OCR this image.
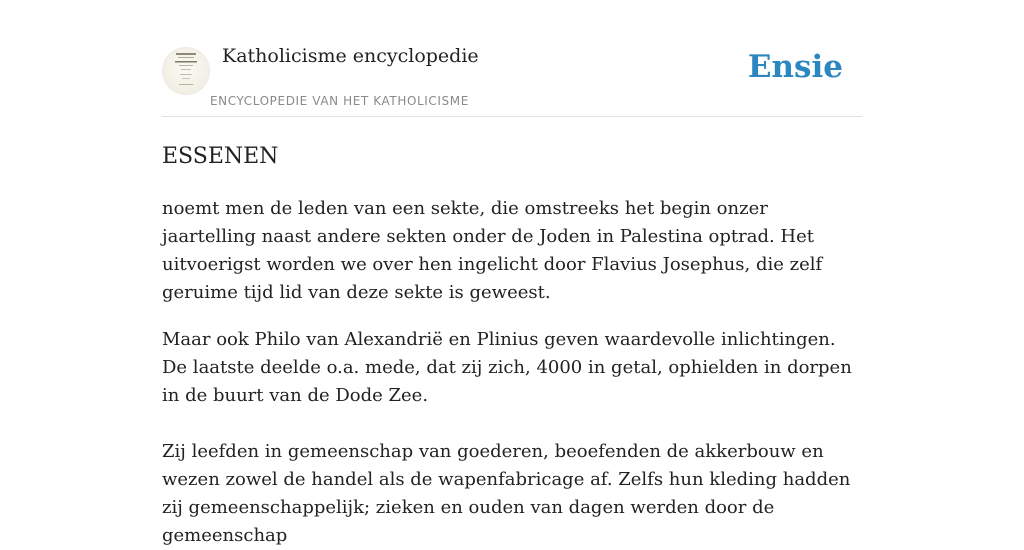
Katholicisme encyclopedie
ENCYCLOPEDIE VAN HET KATHOLICISME
Ensie
ESSENEN

noemt men de leden van een sekte, die omstreeks het begin onzer jaartelling naast andere sekten onder de Joden in Palestina optrad. Het uitvoerigst worden we over hen ingelicht door Flavius Josephus, die zelf geruime tijd lid van deze sekte is geweest.

Maar ook Philo van Alexandrië en Plinius geven waardevolle inlichtingen. De laatste deelde o.a. mede, dat zij zich, 4000 in getal, ophielden in dorpen in de buurt van de Dode Zee.

Zij leefden in gemeenschap van goederen, beoefenden de akkerbouw en wezen zowel de handel als de wapenfabricage af. Zelfs hun kleding hadden zij gemeenschappelijk; zieken en ouden van dagen werden door de gemeenschap
